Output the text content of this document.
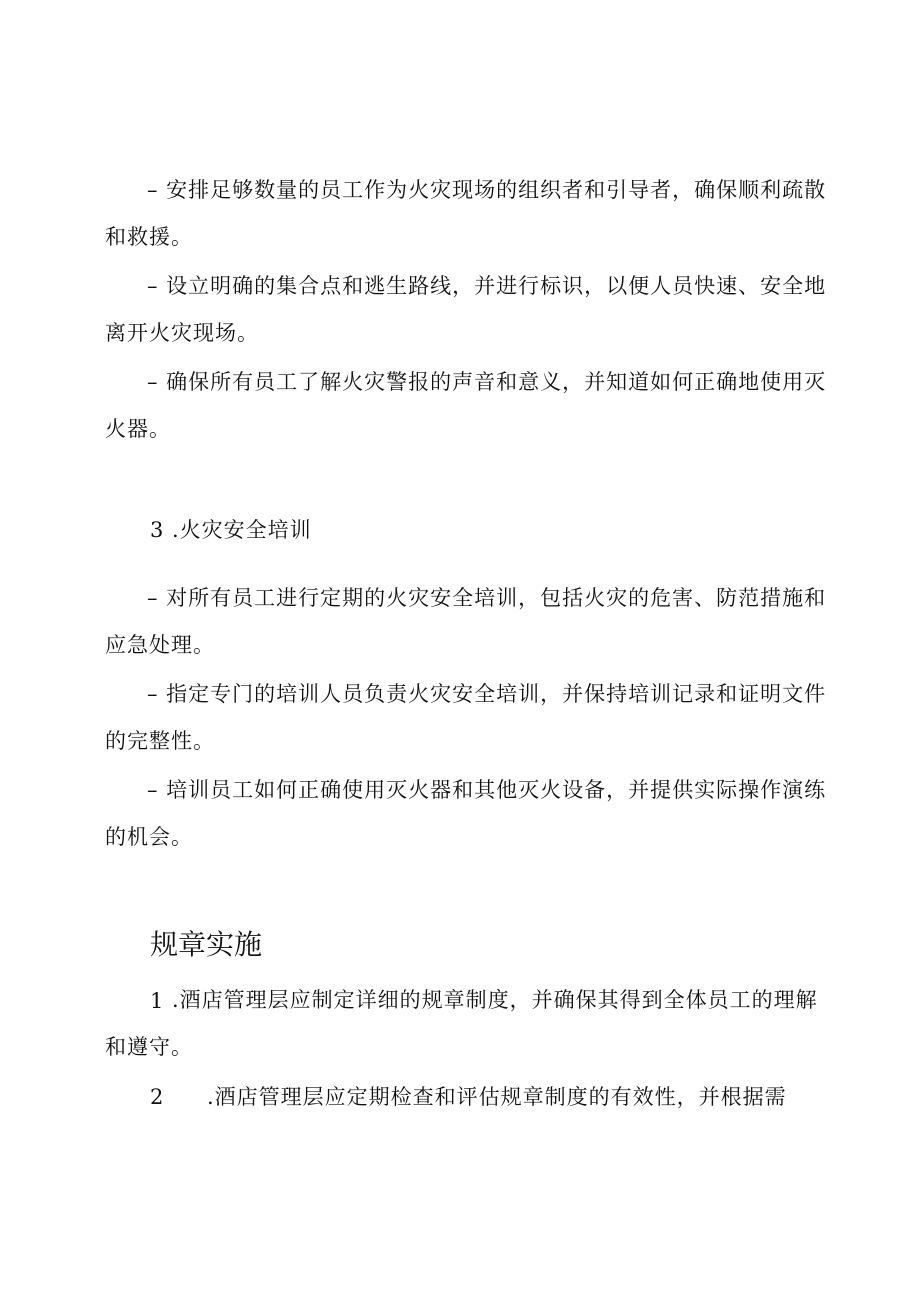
– 安排足够数量的员工作为火灾现场的组织者和引导者，确保顺利疏散和救援。

– 设立明确的集合点和逃生路线，并进行标识，以便人员快速、安全地离开火灾现场。

– 确保所有员工了解火灾警报的声音和意义，并知道如何正确地使用灭火器。

3 .火灾安全培训

– 对所有员工进行定期的火灾安全培训，包括火灾的危害、防范措施和应急处理。

– 指定专门的培训人员负责火灾安全培训，并保持培训记录和证明文件的完整性。

– 培训员工如何正确使用灭火器和其他灭火设备，并提供实际操作演练的机会。

规章实施
1 .酒店管理层应制定详细的规章制度，并确保其得到全体员工的理解和遵守。

2 .酒店管理层应定期检查和评估规章制度的有效性，并根据需
